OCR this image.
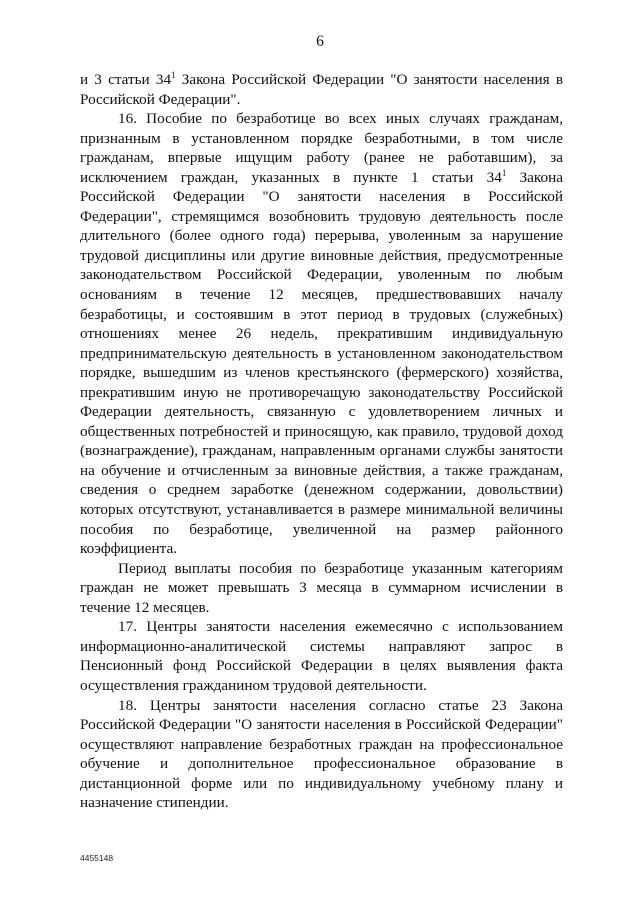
6

и 3 статьи $34^1$ Закона Российской Федерации "О занятости населения в Российской Федерации".

16. Пособие по безработице во всех иных случаях гражданам, признанным в установленном порядке безработными, в том числе гражданам, впервые ищущим работу (ранее не работавшим), за исключением граждан, указанных в пункте 1 статьи $34^1$ Закона Российской Федерации "О занятости населения в Российской Федерации", стремящимся возобновить трудовую деятельность после длительного (более одного года) перерыва, уволенным за нарушение трудовой дисциплины или другие виновные действия, предусмотренные законодательством Российской Федерации, уволенным по любым основаниям в течение 12 месяцев, предшествовавших началу безработицы, и состоявшим в этот период в трудовых (служебных) отношениях менее 26 недель, прекратившим индивидуальную предпринимательскую деятельность в установленном законодательством порядке, вышедшим из членов крестьянского (фермерского) хозяйства, прекратившим иную не противоречащую законодательству Российской Федерации деятельность, связанную с удовлетворением личных и общественных потребностей и приносящую, как правило, трудовой доход (вознаграждение), гражданам, направленным органами службы занятости на обучение и отчисленным за виновные действия, а также гражданам, сведения о среднем заработке (денежном содержании, довольствии) которых отсутствуют, устанавливается в размере минимальной величины пособия по безработице, увеличенной на размер районного коэффициента.

Период выплаты пособия по безработице указанным категориям граждан не может превышать 3 месяца в суммарном исчислении в течение 12 месяцев.

17. Центры занятости населения ежемесячно с использованием информационно-аналитической системы направляют запрос в Пенсионный фонд Российской Федерации в целях выявления факта осуществления гражданином трудовой деятельности.

18. Центры занятости населения согласно статье 23 Закона Российской Федерации "О занятости населения в Российской Федерации" осуществляют направление безработных граждан на профессиональное обучение и дополнительное профессиональное образование в дистанционной форме или по индивидуальному учебному плану и назначение стипендии.

4455148
